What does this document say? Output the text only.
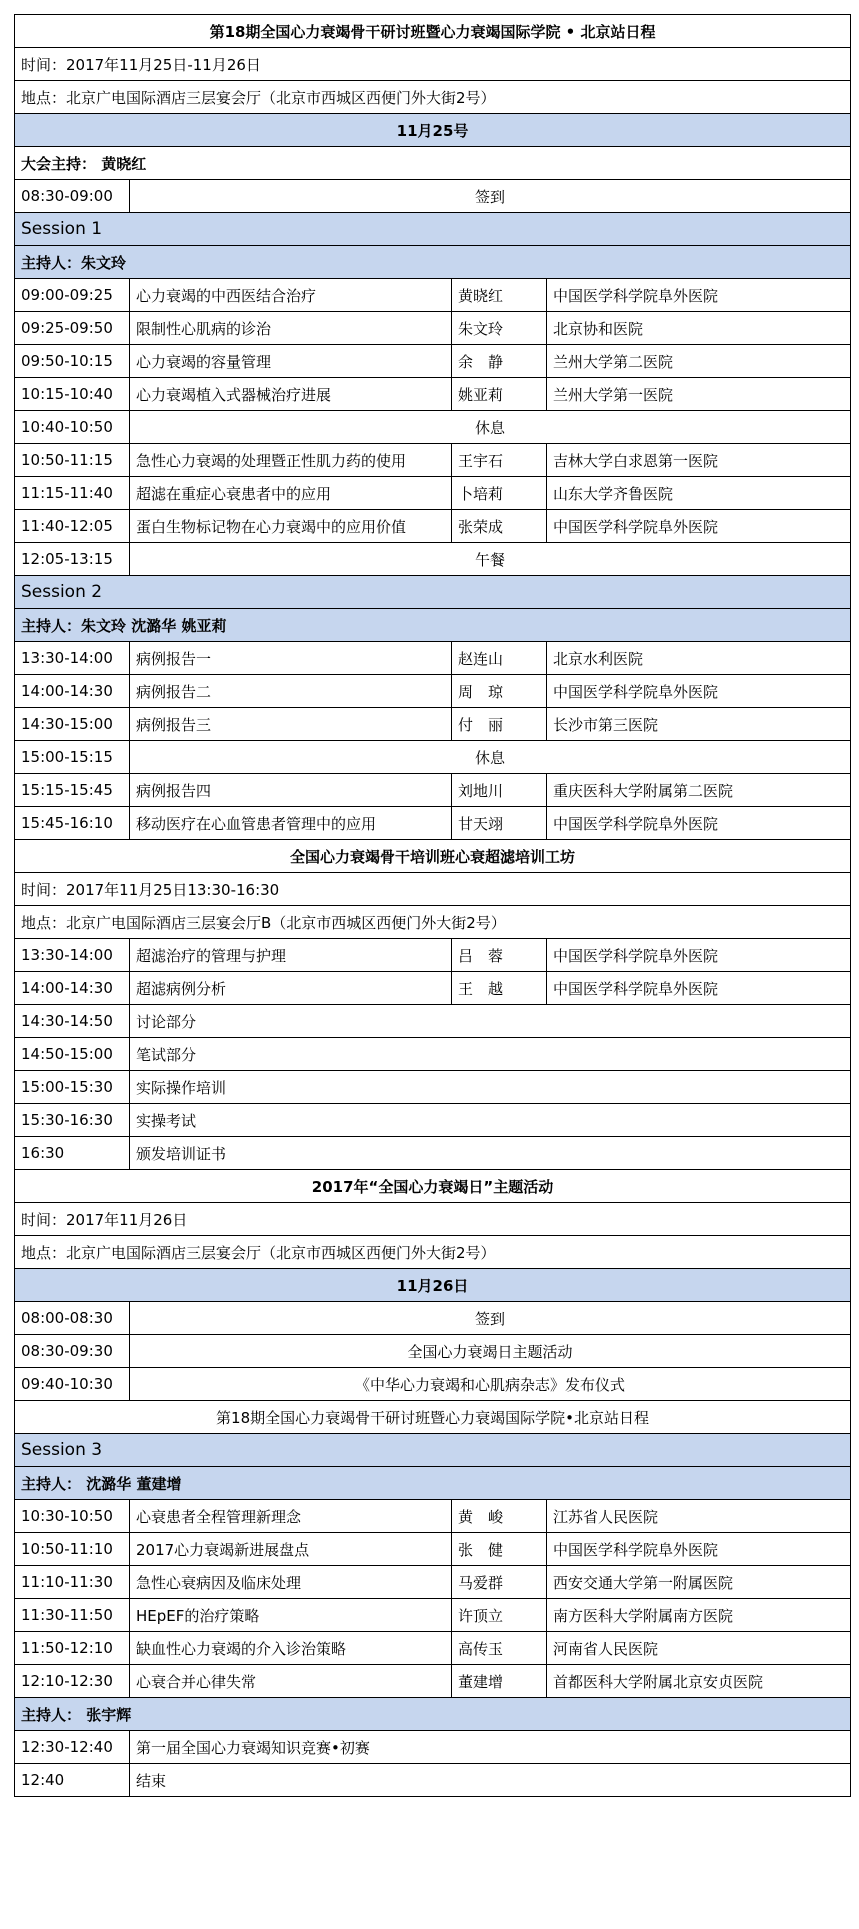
第18期全国心力衰竭骨干研讨班暨心力衰竭国际学院 • 北京站日程			
时间：2017年11月25日-11月26日			
地点：北京广电国际酒店三层宴会厅（北京市西城区西便门外大街2号）			
11月25号			
大会主持： 黄晓红			
08:30-09:00	签到		
Session 1			
主持人：朱文玲			
09:00-09:25	心力衰竭的中西医结合治疗	黄晓红	中国医学科学院阜外医院
09:25-09:50	限制性心肌病的诊治	朱文玲	北京协和医院
09:50-10:15	心力衰竭的容量管理	余　静	兰州大学第二医院
10:15-10:40	心力衰竭植入式器械治疗进展	姚亚莉	兰州大学第一医院
10:40-10:50	休息		
10:50-11:15	急性心力衰竭的处理暨正性肌力药的使用	王宇石	吉林大学白求恩第一医院
11:15-11:40	超滤在重症心衰患者中的应用	卜培莉	山东大学齐鲁医院
11:40-12:05	蛋白生物标记物在心力衰竭中的应用价值	张荣成	中国医学科学院阜外医院
12:05-13:15	午餐		
Session 2			
主持人：朱文玲 沈潞华 姚亚莉			
13:30-14:00	病例报告一	赵连山	北京水利医院
14:00-14:30	病例报告二	周　琼	中国医学科学院阜外医院
14:30-15:00	病例报告三	付　丽	长沙市第三医院
15:00-15:15	休息		
15:15-15:45	病例报告四	刘地川	重庆医科大学附属第二医院
15:45-16:10	移动医疗在心血管患者管理中的应用	甘天翊	中国医学科学院阜外医院
全国心力衰竭骨干培训班心衰超滤培训工坊			
时间：2017年11月25日13:30-16:30			
地点：北京广电国际酒店三层宴会厅B（北京市西城区西便门外大街2号）			
13:30-14:00	超滤治疗的管理与护理	吕　蓉	中国医学科学院阜外医院
14:00-14:30	超滤病例分析	王　越	中国医学科学院阜外医院
14:30-14:50	讨论部分		
14:50-15:00	笔试部分		
15:00-15:30	实际操作培训		
15:30-16:30	实操考试		
16:30	颁发培训证书		
2017年“全国心力衰竭日”主题活动			
时间：2017年11月26日			
地点：北京广电国际酒店三层宴会厅（北京市西城区西便门外大街2号）			
11月26日			
08:00-08:30	签到		
08:30-09:30	全国心力衰竭日主题活动		
09:40-10:30	《中华心力衰竭和心肌病杂志》发布仪式		
第18期全国心力衰竭骨干研讨班暨心力衰竭国际学院•北京站日程			
Session 3			
主持人： 沈潞华 董建增			
10:30-10:50	心衰患者全程管理新理念	黄　峻	江苏省人民医院
10:50-11:10	2017心力衰竭新进展盘点	张　健	中国医学科学院阜外医院
11:10-11:30	急性心衰病因及临床处理	马爱群	西安交通大学第一附属医院
11:30-11:50	HEpEF的治疗策略	许顶立	南方医科大学附属南方医院
11:50-12:10	缺血性心力衰竭的介入诊治策略	高传玉	河南省人民医院
12:10-12:30	心衰合并心律失常	董建增	首都医科大学附属北京安贞医院
主持人： 张宇辉			
12:30-12:40	第一届全国心力衰竭知识竞赛•初赛		
12:40	结束		
